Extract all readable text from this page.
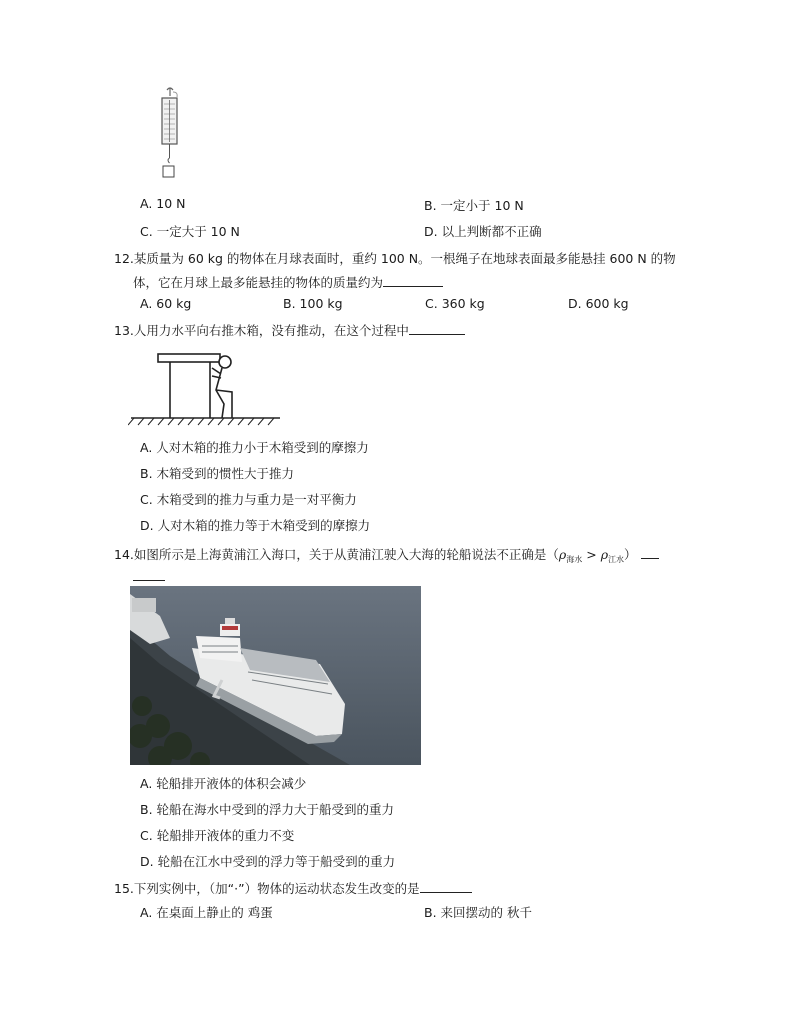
A. 10 N	B. 一定小于 10 N
C. 一定大于 10 N	D. 以上判断都不正确
12.某质量为 60 kg 的物体在月球表面时，重约 100 N。一根绳子在地球表面最多能悬挂 600 N 的物
体，它在月球上最多能悬挂的物体的质量约为
A. 60 kg	B. 100 kg	C. 360 kg	D. 600 kg
13.人用力水平向右推木箱，没有推动，在这个过程中
A. 人对木箱的推力小于木箱受到的摩擦力
B. 木箱受到的惯性大于推力
C. 木箱受到的推力与重力是一对平衡力
D. 人对木箱的推力等于木箱受到的摩擦力
14.如图所示是上海黄浦江入海口，关于从黄浦江驶入大海的轮船说法不正确是$(\rho_{海水} > \rho_{江水})$
A. 轮船排开液体的体积会减少
B. 轮船在海水中受到的浮力大于船受到的重力
C. 轮船排开液体的重力不变
D. 轮船在江水中受到的浮力等于船受到的重力
15.下列实例中，（加“·”）物体的运动状态发生改变的是
A. 在桌面上静止的 鸡蛋	B. 来回摆动的 秋千
